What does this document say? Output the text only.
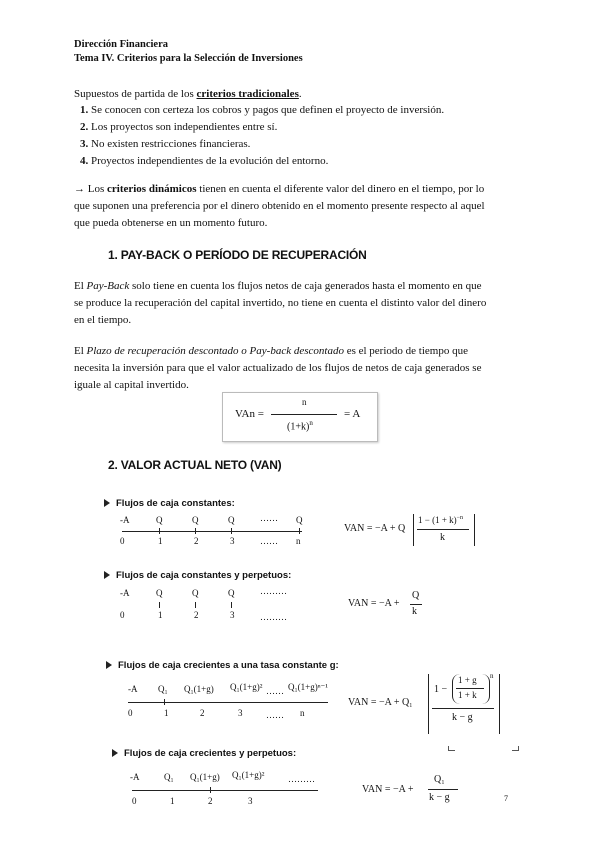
Dirección Financiera
Tema IV. Criterios para la Selección de Inversiones
Supuestos de partida de los criterios tradicionales.
1. Se conocen con certeza los cobros y pagos que definen el proyecto de inversión.
2. Los proyectos son independientes entre sí.
3. No existen restricciones financieras.
4. Proyectos independientes de la evolución del entorno.
→ Los criterios dinámicos tienen en cuenta el diferente valor del dinero en el tiempo, por lo
que suponen una preferencia por el dinero obtenido en el momento presente respecto al aquel
que pueda obtenerse en un momento futuro.
1. PAY-BACK O PERÍODO DE RECUPERACIÓN
El Pay-Back solo tiene en cuenta los flujos netos de caja generados hasta el momento en que
se produce la recuperación del capital invertido, no tiene en cuenta el distinto valor del dinero
en el tiempo.
El Plazo de recuperación descontado o Pay-back descontado es el periodo de tiempo que
necesita la inversión para que el valor actualizado de los flujos de netos de caja generados se
iguale al capital invertido.
VAn =
n
$(1+k)^n$
= A
2. VALOR ACTUAL NETO (VAN)
Flujos de caja constantes:
-A	Q	Q	Q	…… Q
0	1	2	3	…… n
VAN = −A + Q
$1 - (1 + k)^{-n}$
k
Flujos de caja constantes y perpetuos:
-A	Q	Q	Q	………
0	1	2	3	………
VAN = −A +
Q
k
Flujos de caja crecientes a una tasa constante g:
-A Q₁ Q₁(1+g) Q₁(1+g)² …… Q₁(1+g)ⁿ⁻¹
0	1	2	3	…… n
VAN = −A + Q₁
1 −
1 + g
1 + k
n
k − g
Flujos de caja crecientes y perpetuos:
-A	Q₁ Q₁(1+g) Q₁(1+g)²	………
0	1	2	3
VAN = −A +
Q₁
k − g	7
